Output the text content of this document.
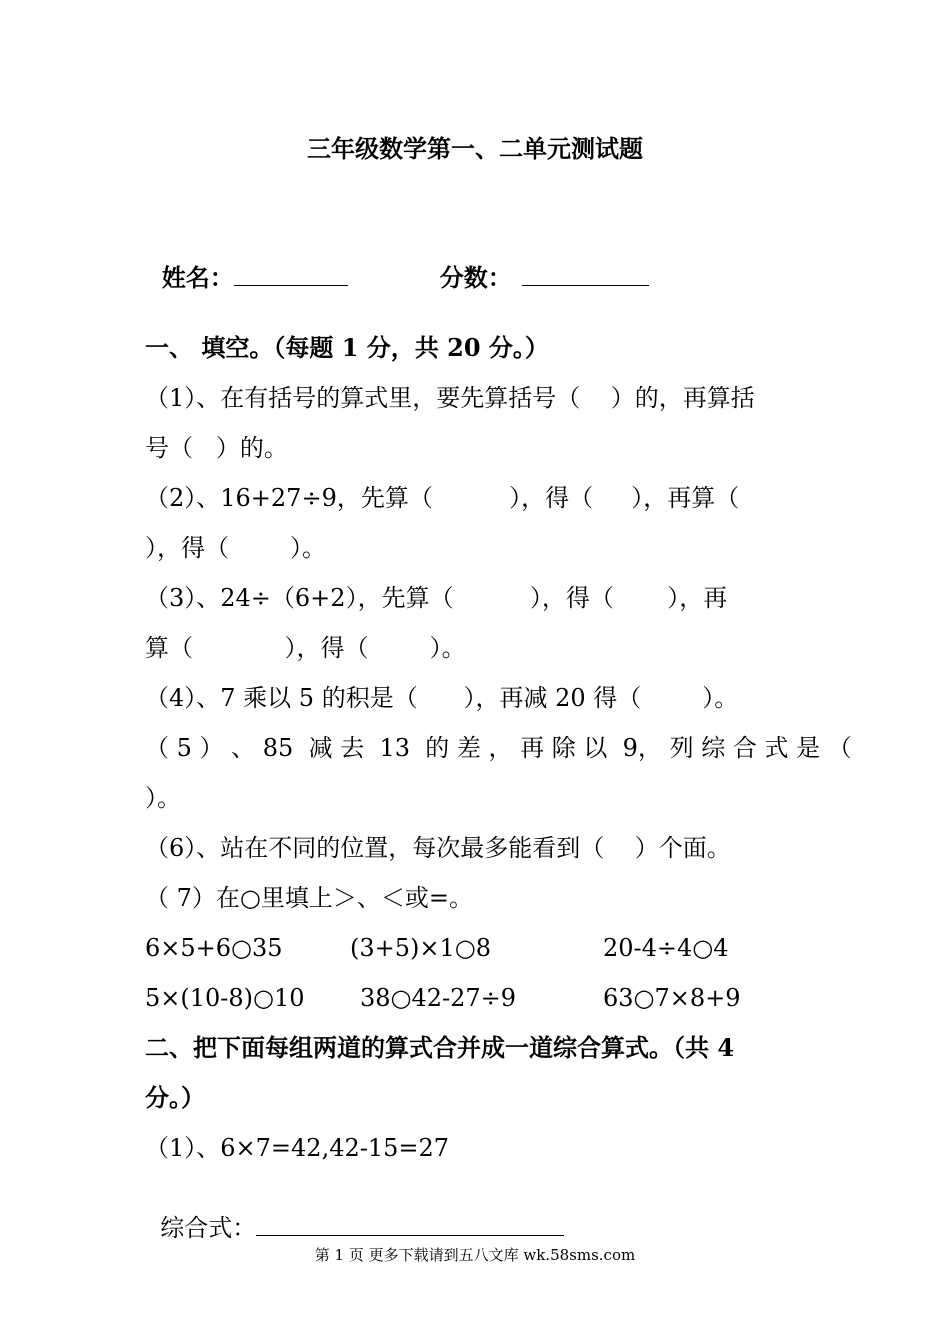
三年级数学第一、二单元测试题

姓名：	分数：

一、 填空。（每题 1 分，共 20 分。）
（1）、在有括号的算式里，要先算括号（    ）的，再算括
号（   ）的。
（2）、16+27÷9，先算（          ），得（     ），再算（
），得（        ）。
（3）、24÷（6+2），先算（          ），得（       ），再
算（            ），得（        ）。
（4）、7 乘以 5 的积是（      ），再减 20 得（        ）。
（ 5 ） 、 85  减 去  13  的 差 ， 再 除 以  9， 列 综 合 式 是 （
）。
（6）、站在不同的位置，每次最多能看到（    ）个面。
（ 7）在○里填上＞、＜或=。
6×5+6○35	(3+5)×1○8	20-4÷4○4
5×(10-8)○10 38○42-27÷9	63○7×8+9
二、把下面每组两道的算式合并成一道综合算式。（共 4
分。）
（1）、6×7=42,42-15=27

综合式：

第 1 页 更多下载请到五八文库 wk.58sms.com
